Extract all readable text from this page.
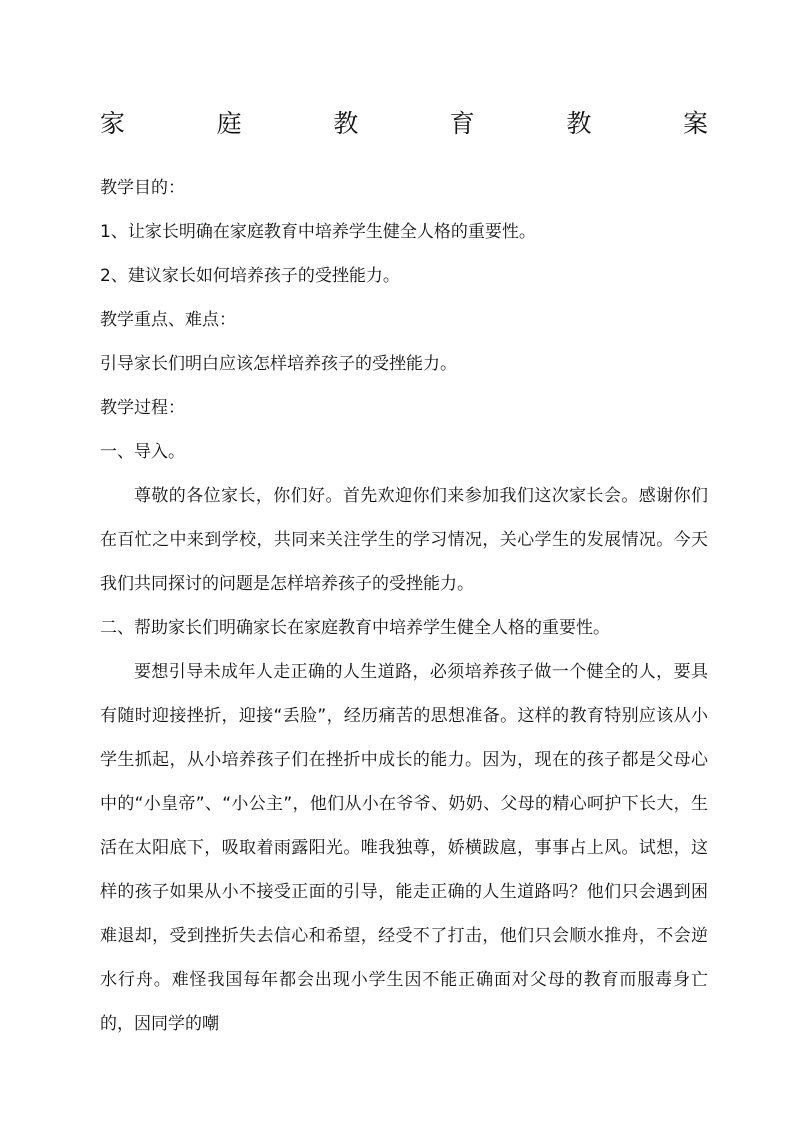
家	庭	教	育	教	案
教学目的：
1、让家长明确在家庭教育中培养学生健全人格的重要性。
2、建议家长如何培养孩子的受挫能力。
教学重点、难点：
引导家长们明白应该怎样培养孩子的受挫能力。
教学过程：
一、导入。
尊敬的各位家长，你们好。首先欢迎你们来参加我们这次家长会。感谢你们在百忙之中来到学校，共同来关注学生的学习情况，关心学生的发展情况。今天我们共同探讨的问题是怎样培养孩子的受挫能力。
二、帮助家长们明确家长在家庭教育中培养学生健全人格的重要性。
要想引导未成年人走正确的人生道路，必须培养孩子做一个健全的人，要具有随时迎接挫折，迎接“丢脸”，经历痛苦的思想准备。这样的教育特别应该从小学生抓起，从小培养孩子们在挫折中成长的能力。因为，现在的孩子都是父母心中的“小皇帝”、“小公主”，他们从小在爷爷、奶奶、父母的精心呵护下长大，生活在太阳底下，吸取着雨露阳光。唯我独尊，娇横跋扈，事事占上风。试想，这样的孩子如果从小不接受正面的引导，能走正确的人生道路吗？他们只会遇到困难退却，受到挫折失去信心和希望，经受不了打击，他们只会顺水推舟，不会逆水行舟。难怪我国每年都会出现小学生因不能正确面对父母的教育而服毒身亡的，因同学的嘲
